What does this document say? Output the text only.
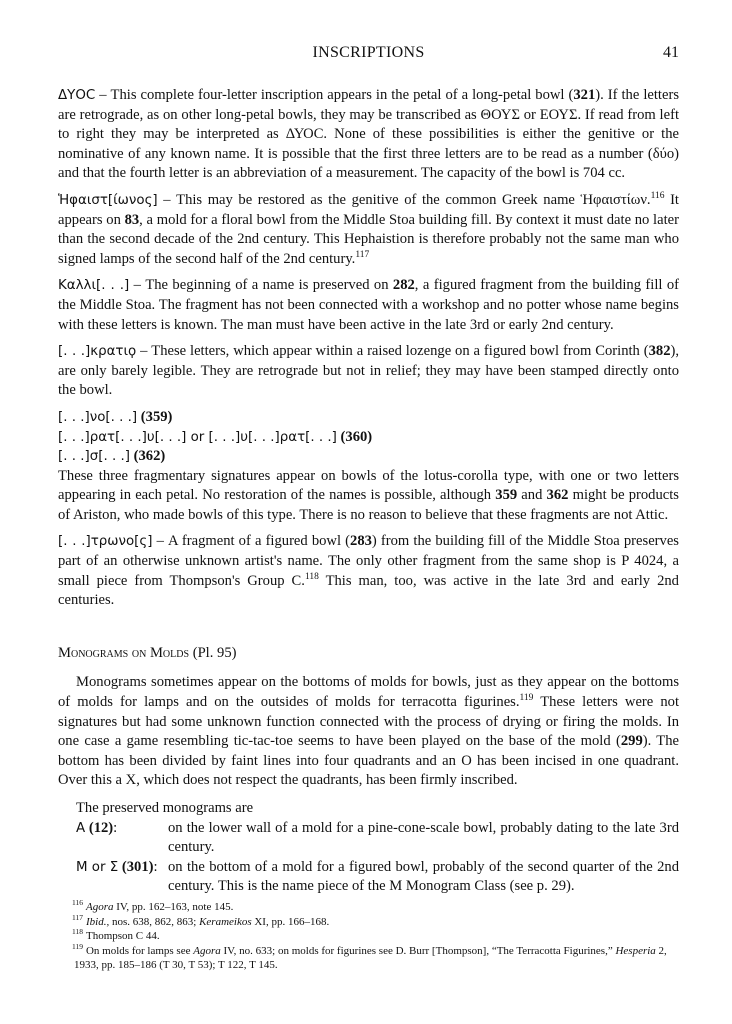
INSCRIPTIONS	41

ΔΥΟϹ – This complete four-letter inscription appears in the petal of a long-petal bowl (321). If the letters are retrograde, as on other long-petal bowls, they may be transcribed as ΘΟΥΣ or ΕΟΥΣ. If read from left to right they may be interpreted as ΔΥΟϹ. None of these possibilities is either the genitive or the nominative of any known name. It is possible that the first three letters are to be read as a number (δύο) and that the fourth letter is an abbreviation of a measurement. The capacity of the bowl is 704 cc.

Ἡφαιστ[ίωνος] – This may be restored as the genitive of the common Greek name Ἡφαιστίων.$^{116}$ It appears on 83, a mold for a floral bowl from the Middle Stoa building fill. By context it must date no later than the second decade of the 2nd century. This Hephaistion is therefore probably not the same man who signed lamps of the second half of the 2nd century.$^{117}$

Καλλι[. . .] – The beginning of a name is preserved on 282, a figured fragment from the building fill of the Middle Stoa. The fragment has not been connected with a workshop and no potter whose name begins with these letters is known. The man must have been active in the late 3rd or early 2nd century.

[. . .]κρατιϙ – These letters, which appear within a raised lozenge on a figured bowl from Corinth (382), are only barely legible. They are retrograde but not in relief; they may have been stamped directly onto the bowl.

[. . .]νο[. . .] (359)
[. . .]ρατ[. . .]υ[. . .] or [. . .]υ[. . .]ρατ[. . .] (360)
[. . .]σ[. . .] (362)

These three fragmentary signatures appear on bowls of the lotus-corolla type, with one or two letters appearing in each petal. No restoration of the names is possible, although 359 and 362 might be products of Ariston, who made bowls of this type. There is no reason to believe that these fragments are not Attic.

[. . .]τρωνο[ς] – A fragment of a figured bowl (283) from the building fill of the Middle Stoa preserves part of an otherwise unknown artist's name. The only other fragment from the same shop is P 4024, a small piece from Thompson's Group C.$^{118}$ This man, too, was active in the late 3rd and early 2nd centuries.

Monograms on Molds (Pl. 95)

Monograms sometimes appear on the bottoms of molds for bowls, just as they appear on the bottoms of molds for lamps and on the outsides of molds for terracotta figurines.$^{119}$ These letters were not signatures but had some unknown function connected with the process of drying or firing the molds. In one case a game resembling tic-tac-toe seems to have been played on the base of the mold (299). The bottom has been divided by faint lines into four quadrants and an O has been incised in one quadrant. Over this a X, which does not respect the quadrants, has been firmly inscribed.

The preserved monograms are
A (12):	on the lower wall of a mold for a pine-cone-scale bowl, probably dating to the late 3rd century.
M or Σ (301): on the bottom of a mold for a figured bowl, probably of the second quarter of the 2nd century. This is the name piece of the M Monogram Class (see p. 29).
$^{116}$ Agora IV, pp. 162–163, note 145.
$^{117}$ Ibid., nos. 638, 862, 863; Kerameikos XI, pp. 166–168.
$^{118}$ Thompson C 44.
$^{119}$ On molds for lamps see Agora IV, no. 633; on molds for figurines see D. Burr [Thompson], “The Terracotta Figurines,” Hesperia 2, 1933, pp. 185–186 (T 30, T 53); T 122, T 145.
